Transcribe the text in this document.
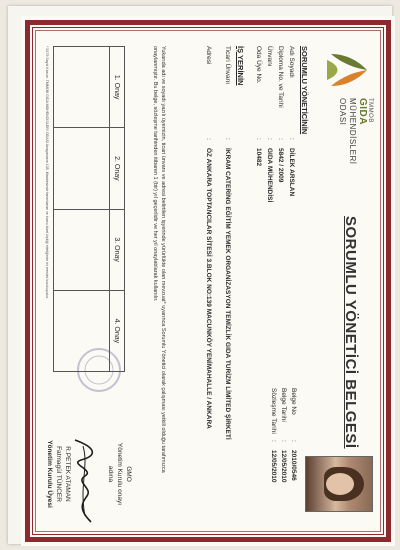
TMMOB
GIDA
MÜHENDİSLERİ
ODASI
SORUMLU YÖNETİCİ BELGESİ
Belge No
:
2010/0546
Belge Tarihi
:
12/05/2010
Sözleşme Tarihi
:
12/05/2010
SORUMLU YÖNETİCİNİN
Adı Soyadı
:
DİLEK ARSLAN
Diploma No. ve Tarihi
:
5842 / 2009
Ünvanı
:
GIDA MÜHENDİSİ
Oda Üye No.
:
10482
İŞ YERİNİN
Ticari Ünvanı
:
İKRAM CATERİNG EĞİTİM YEMEK ORGANİZASYON TEMİZLİK GIDA TURİZM LİMİTED ŞİRKETİ
Adresi
:
ÖZ ANKARA TOPTANCILAR SİTESİ 3.BLOK NO:139 MACUNKÖY YENİMAHALLE / ANKARA
Yukarıda adı ve soyadı yazılı üyemizin, ticari ünvanı ve adresi belirtilen işyerinde yürürlükte olan mevzuat* uyarınca Sorumlu Yönetici olarak çalışması yetkili olduğu tarafımızca onaylanmıştır. Bu belge, sözleşme tarihinden itibaren 1 (bir) yıl geçerlidir ve her yıl onaylatılarak kullanılır.
1. Onay
2. Onay
3. Onay
4. Onay
GMO
Yönetim Kurulu onayı
adına
R.PETEK ATAMAN
Fatmagül TÜNCER
Yönetim Kurulu Üyesi
* 5179 Sayılı Kanun, TMMOB GIDA MÜHENDİSLERİ ODASI Anayasanın 135. Maddesinde tanımlanan ve kamu tüzel kişiliği niteliğinde bir meslek kuruluşudur.
